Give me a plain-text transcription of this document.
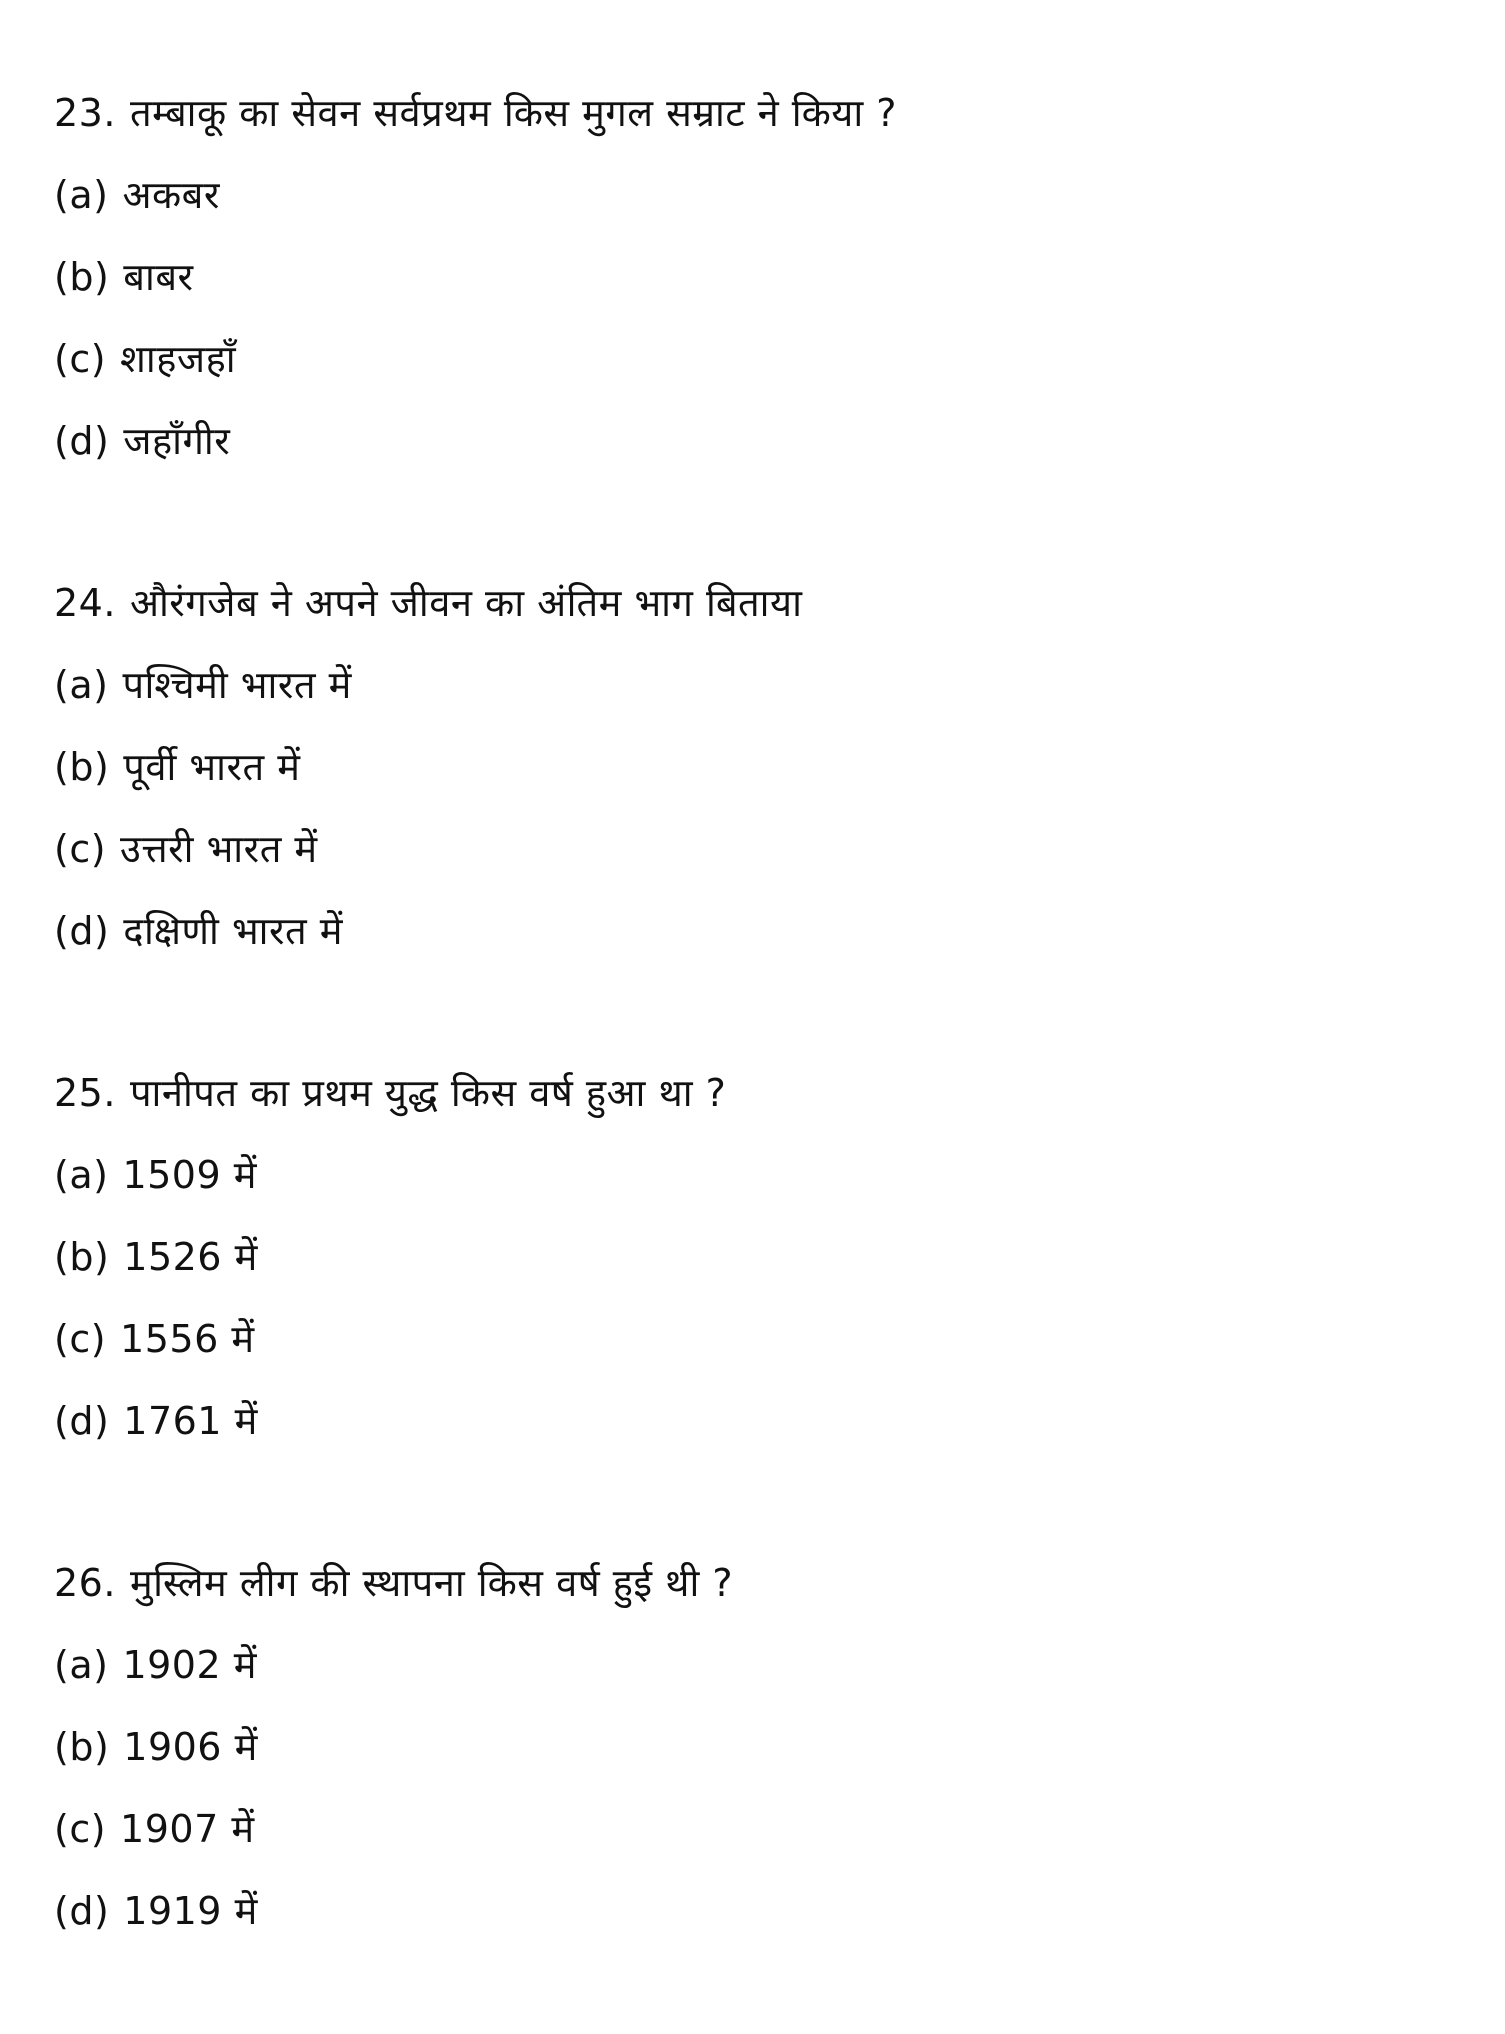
23. तम्बाकू का सेवन सर्वप्रथम किस मुगल सम्राट ने किया ?
(a) अकबर
(b) बाबर
(c) शाहजहाँ
(d) जहाँगीर
24. औरंगजेब ने अपने जीवन का अंतिम भाग बिताया
(a) पश्चिमी भारत में
(b) पूर्वी भारत में
(c) उत्तरी भारत में
(d) दक्षिणी भारत में
25. पानीपत का प्रथम युद्ध किस वर्ष हुआ था ?
(a) 1509 में
(b) 1526 में
(c) 1556 में
(d) 1761 में
26. मुस्लिम लीग की स्थापना किस वर्ष हुई थी ?
(a) 1902 में
(b) 1906 में
(c) 1907 में
(d) 1919 में
